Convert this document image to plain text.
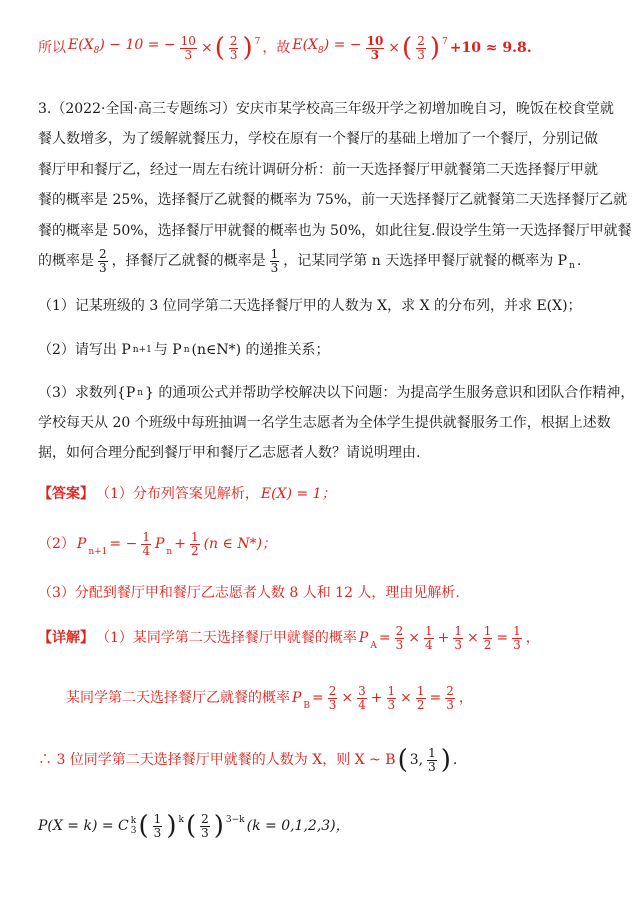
所以 $E(X_8) - 10$ = − $\frac{10}{3}$ × ( $\frac{2}{3} )^7$ ，故 $E(X_8)$ = − $\frac{10}{3}$ × ( $\frac{2}{3} )^7 +10 \approx 9.8$.
3.（2022·全国·高三专题练习）安庆市某学校高三年级开学之初增加晚自习，晚饭在校食堂就
餐人数增多，为了缓解就餐压力，学校在原有一个餐厅的基础上增加了一个餐厅，分别记做
餐厅甲和餐厅乙，经过一周左右统计调研分析：前一天选择餐厅甲就餐第二天选择餐厅甲就
餐的概率是 25%，选择餐厅乙就餐的概率为 75%，前一天选择餐厅乙就餐第二天选择餐厅乙就
餐的概率是 50%，选择餐厅甲就餐的概率也为 50%，如此往复.假设学生第一天选择餐厅甲就餐
的概率是 $\frac{2}{3}$ ，择餐厅乙就餐的概率是 $\frac{1}{3}$ ，记某同学第 n 天选择甲餐厅就餐的概率为 $P_n$ .
（1）记某班级的 3 位同学第二天选择餐厅甲的人数为 X，求 X 的分布列，并求 E(X)；
（2）请写出 P n+1 与 P n (n∈N*) 的递推关系；
（3）求数列{P n } 的通项公式并帮助学校解决以下问题：为提高学生服务意识和团队合作精神，
学校每天从 20 个班级中每班抽调一名学生志愿者为全体学生提供就餐服务工作，根据上述数
据，如何合理分配到餐厅甲和餐厅乙志愿者人数？请说明理由.
【答案】 （1）分布列答案见解析， E(X) = 1；
（2） $P_{n+1}$ = − $\frac{1}{4} P_n + \frac{1}{2} (n$ ∈ N*)；
（3）分配到餐厅甲和餐厅乙志愿者人数 8 人和 12 人，理由见解析.
【详解】 （1）某同学第二天选择餐厅甲就餐的概率 $P_A = \frac{2}{3} \times \frac{1}{4} + \frac{1}{3} \times \frac{1}{2} = \frac{1}{3}$ ，
某同学第二天选择餐厅乙就餐的概率 $P_B = \frac{2}{3} \times \frac{3}{4} + \frac{1}{3} \times \frac{1}{2} = \frac{2}{3}$ ，
∴ 3 位同学第二天选择餐厅甲就餐的人数为 X，则 X ~ B ( 3, $\frac{1}{3}$ ) .
P(X = k) = C k
3 ( $\frac{1}{3} )^k$ ( $\frac{2}{3} )^{3-k}$ (k = 0,1,2,3)，
